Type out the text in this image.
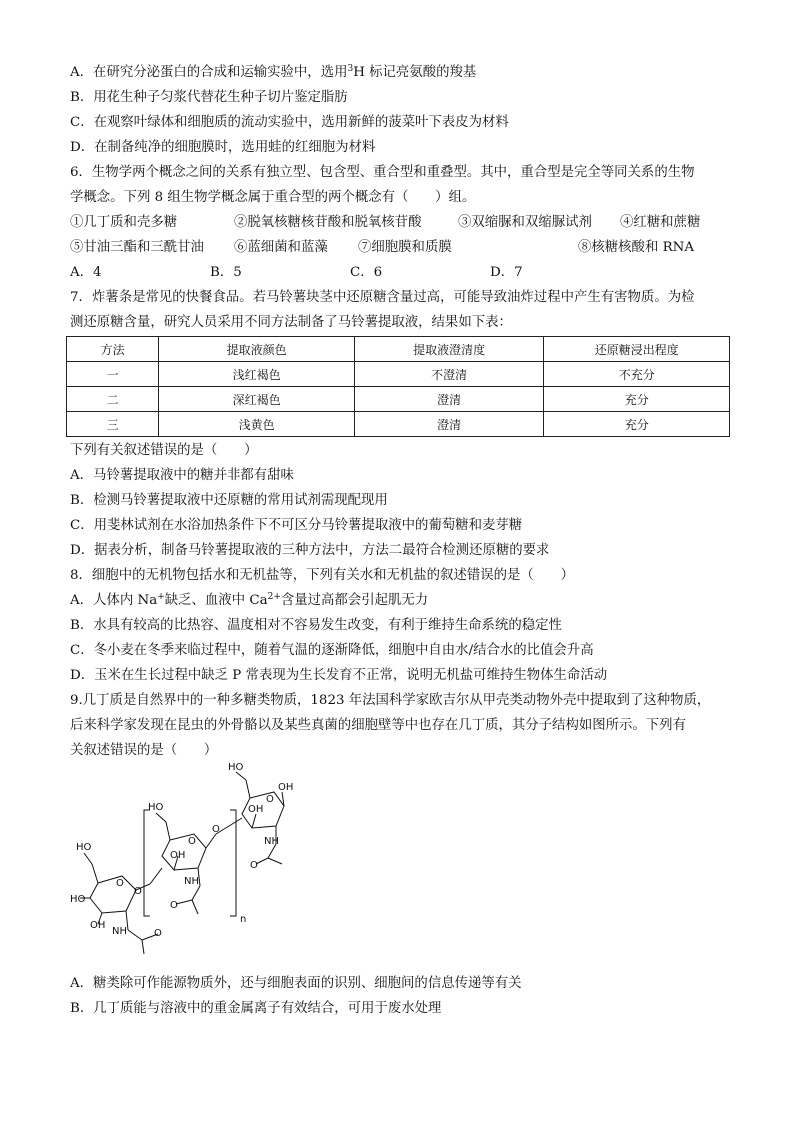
A．在研究分泌蛋白的合成和运输实验中，选用$^3$H 标记亮氨酸的羧基
B．用花生种子匀浆代替花生种子切片鉴定脂肪
C．在观察叶绿体和细胞质的流动实验中，选用新鲜的菠菜叶下表皮为材料
D．在制备纯净的细胞膜时，选用蛙的红细胞为材料
6．生物学两个概念之间的关系有独立型、包含型、重合型和重叠型。其中，重合型是完全等同关系的生物
学概念。下列 8 组生物学概念属于重合型的两个概念有（　　）组。
①几丁质和壳多糖	②脱氧核糖核苷酸和脱氧核苷酸	③双缩脲和双缩脲试剂 ④红糖和蔗糖
⑤甘油三酯和三酰甘油 ⑥蓝细菌和蓝藻 ⑦细胞膜和质膜	⑧核糖核酸和 RNA
A．4	B．5	C．6	D．7
7．炸薯条是常见的快餐食品。若马铃薯块茎中还原糖含量过高，可能导致油炸过程中产生有害物质。为检
测还原糖含量，研究人员采用不同方法制备了马铃薯提取液，结果如下表：
方法	提取液颜色	提取液澄清度	还原糖浸出程度
一	浅红褐色	不澄清	不充分
二	深红褐色	澄清	充分
三	浅黄色	澄清	充分
下列有关叙述错误的是（　　）
A．马铃薯提取液中的糖并非都有甜味
B．检测马铃薯提取液中还原糖的常用试剂需现配现用
C．用斐林试剂在水浴加热条件下不可区分马铃薯提取液中的葡萄糖和麦芽糖
D．据表分析，制备马铃薯提取液的三种方法中，方法二最符合检测还原糖的要求
8．细胞中的无机物包括水和无机盐等，下列有关水和无机盐的叙述错误的是（　　）
A．人体内 Na+缺乏、血液中 $Ca^{2+}$含量过高都会引起肌无力
B．水具有较高的比热容、温度相对不容易发生改变，有利于维持生命系统的稳定性
C．冬小麦在冬季来临过程中，随着气温的逐渐降低，细胞中自由水/结合水的比值会升高
D．玉米在生长过程中缺乏 P 常表现为生长发育不正常，说明无机盐可维持生物体生命活动
9.几丁质是自然界中的一种多糖类物质，1823 年法国科学家欧吉尔从甲壳类动物外壳中提取到了这种物质，
后来科学家发现在昆虫的外骨骼以及某些真菌的细胞壁等中也存在几丁质，其分子结构如图所示。下列有
关叙述错误的是（　　）
HO
HO
OH
O
O
NH	O
HO
OH
O
O
NH
O
HO
OH
O
OH
NH
O
n
A．糖类除可作能源物质外，还与细胞表面的识别、细胞间的信息传递等有关
B．几丁质能与溶液中的重金属离子有效结合，可用于废水处理
